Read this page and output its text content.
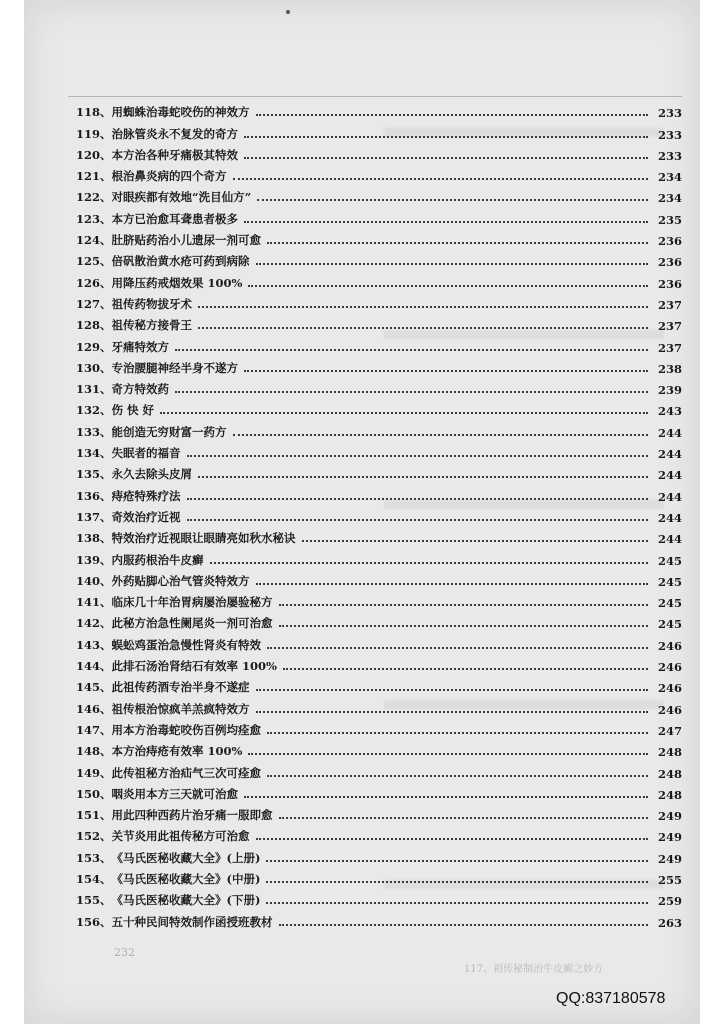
118、 用蜘蛛治毒蛇咬伤的神效方	233
119、 治脉管炎永不复发的奇方	233
120、 本方治各种牙痛极其特效	233
121、 根治鼻炎病的四个奇方	234
122、 对眼疾都有效地“洗目仙方”	234
123、 本方已治愈耳聋患者极多	235
124、 肚脐贴药治小儿遗尿一剂可愈	236
125、 倍矾散治黄水疮可药到病除	236
126、 用降压药戒烟效果 100%	236
127、 祖传药物拔牙术	237
128、 祖传秘方接骨王	237
129、 牙痛特效方	237
130、 专治腰腿神经半身不遂方	238
131、 奇方特效药	239
132、 伤 快 好	243
133、 能创造无穷财富一药方	244
134、 失眠者的福音	244
135、 永久去除头皮屑	244
136、 痔疮特殊疗法	244
137、 奇效治疗近视	244
138、 特效治疗近视眼让眼睛亮如秋水秘诀	244
139、 内服药根治牛皮癣	245
140、 外药贴脚心治气管炎特效方	245
141、 临床几十年治胃病屡治屡验秘方	245
142、 此秘方治急性阑尾炎一剂可治愈	245
143、 蜈蚣鸡蛋治急慢性肾炎有特效	246
144、 此排石汤治肾结石有效率 100%	246
145、 此祖传药酒专治半身不遂症	246
146、 祖传根治惊疯羊羔疯特效方	246
147、 用本方治毒蛇咬伤百例均痊愈	247
148、 本方治痔疮有效率 100%	248
149、 此传祖秘方治疝气三次可痊愈	248
150、 咽炎用本方三天就可治愈	248
151、 用此四种西药片治牙痛一服即愈	249
152、 关节炎用此祖传秘方可治愈	249
153、 《马氏医秘收藏大全》(上册)	249
154、 《马氏医秘收藏大全》(中册)	255
155、 《马氏医秘收藏大全》(下册)	259
156、 五十种民间特效制作函授班教材	263
232
117、祖传秘制治牛皮癣之妙方
QQ:837180578
